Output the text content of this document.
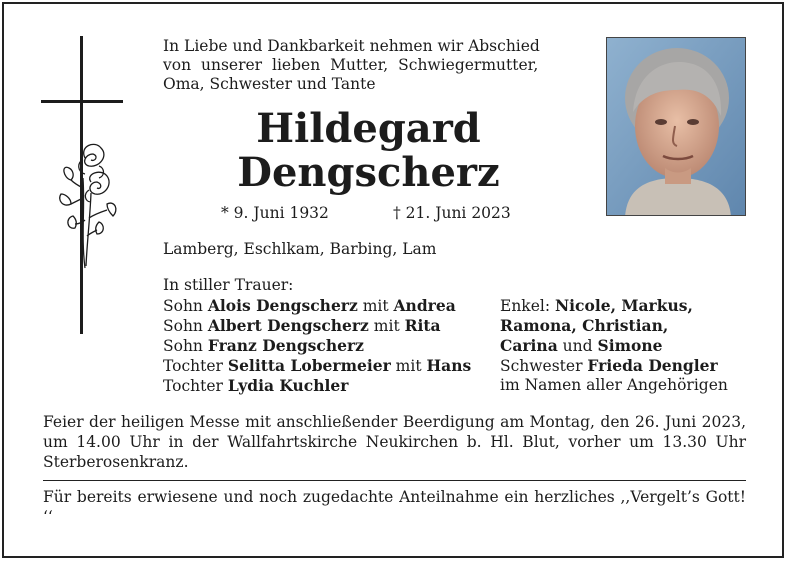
In Liebe und Dankbarkeit nehmen wir Abschied
von unserer lieben Mutter, Schwiegermutter,
Oma, Schwester und Tante
Hildegard
Dengscherz
* 9. Juni 1932	† 21. Juni 2023
Lamberg, Eschlkam, Barbing, Lam
In stiller Trauer:
Sohn Alois Dengscherz mit Andrea
Sohn Albert Dengscherz mit Rita
Sohn Franz Dengscherz
Tochter Selitta Lobermeier mit Hans
Tochter Lydia Kuchler
Enkel: Nicole, Markus,
Ramona, Christian,
Carina und Simone
Schwester Frieda Dengler
im Namen aller Angehörigen
Feier der heiligen Messe mit anschließender Beerdigung am Montag, den 26. Juni 2023, um 14.00 Uhr in der Wallfahrtskirche Neukirchen b. Hl. Blut, vorher um 13.30 Uhr Sterberosenkranz.
Für bereits erwiesene und noch zugedachte Anteilnahme ein herzliches ,,Vergelt’s Gott! ‘‘
